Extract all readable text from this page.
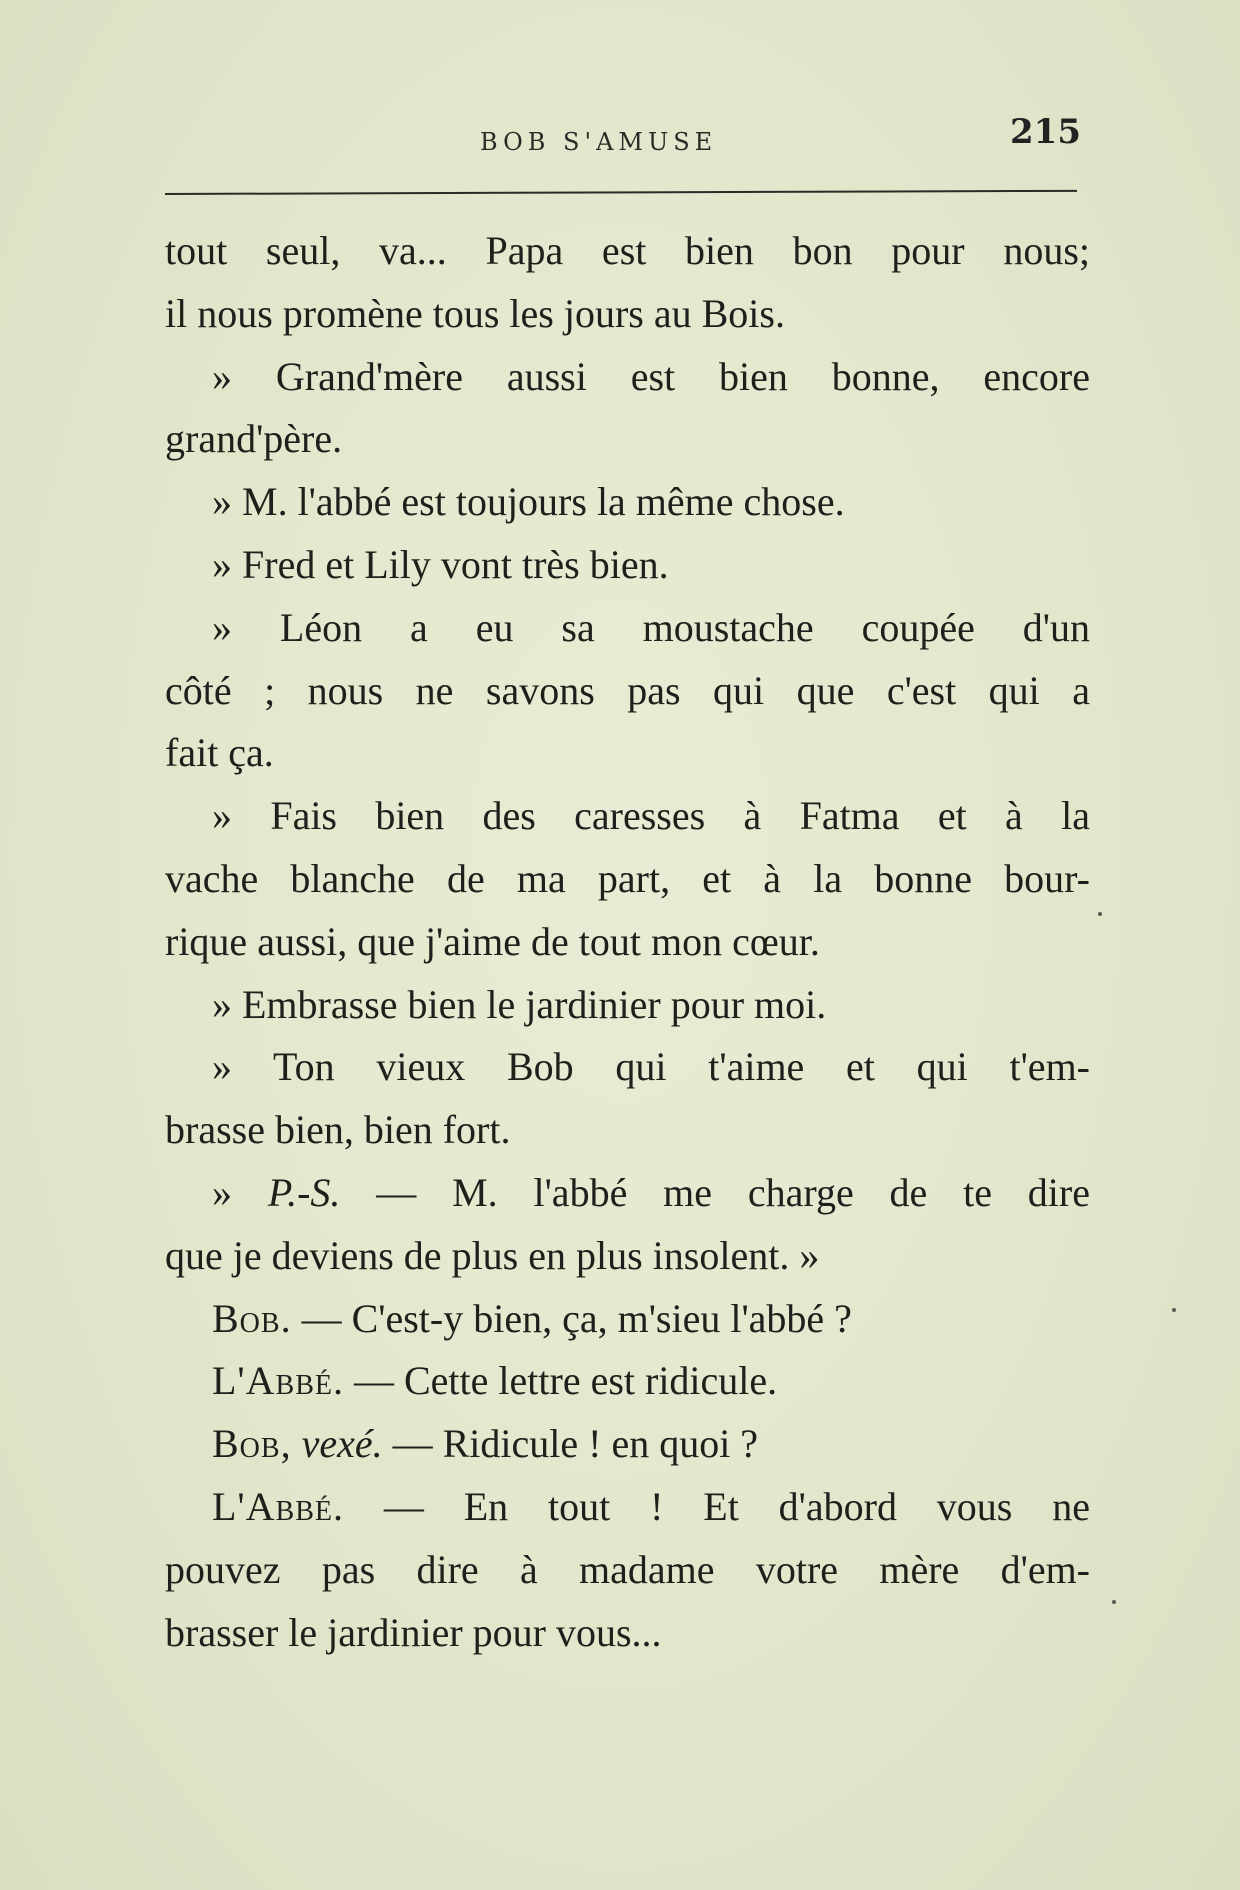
BOB S'AMUSE	215
tout seul, va... Papa est bien bon pour nous;
il nous promène tous les jours au Bois.
» Grand'mère aussi est bien bonne, encore
grand'père.
» M. l'abbé est toujours la même chose.
» Fred et Lily vont très bien.
» Léon a eu sa moustache coupée d'un
côté ; nous ne savons pas qui que c'est qui a
fait ça.
» Fais bien des caresses à Fatma et à la
vache blanche de ma part, et à la bonne bour-
rique aussi, que j'aime de tout mon cœur.
» Embrasse bien le jardinier pour moi.
» Ton vieux Bob qui t'aime et qui t'em-
brasse bien, bien fort.
» P.-S. — M. l'abbé me charge de te dire
que je deviens de plus en plus insolent. »
Bob. — C'est-y bien, ça, m'sieu l'abbé ?
L'Abbé. — Cette lettre est ridicule.
Bob, vexé. — Ridicule ! en quoi ?
L'Abbé. — En tout ! Et d'abord vous ne
pouvez pas dire à madame votre mère d'em-
brasser le jardinier pour vous...
